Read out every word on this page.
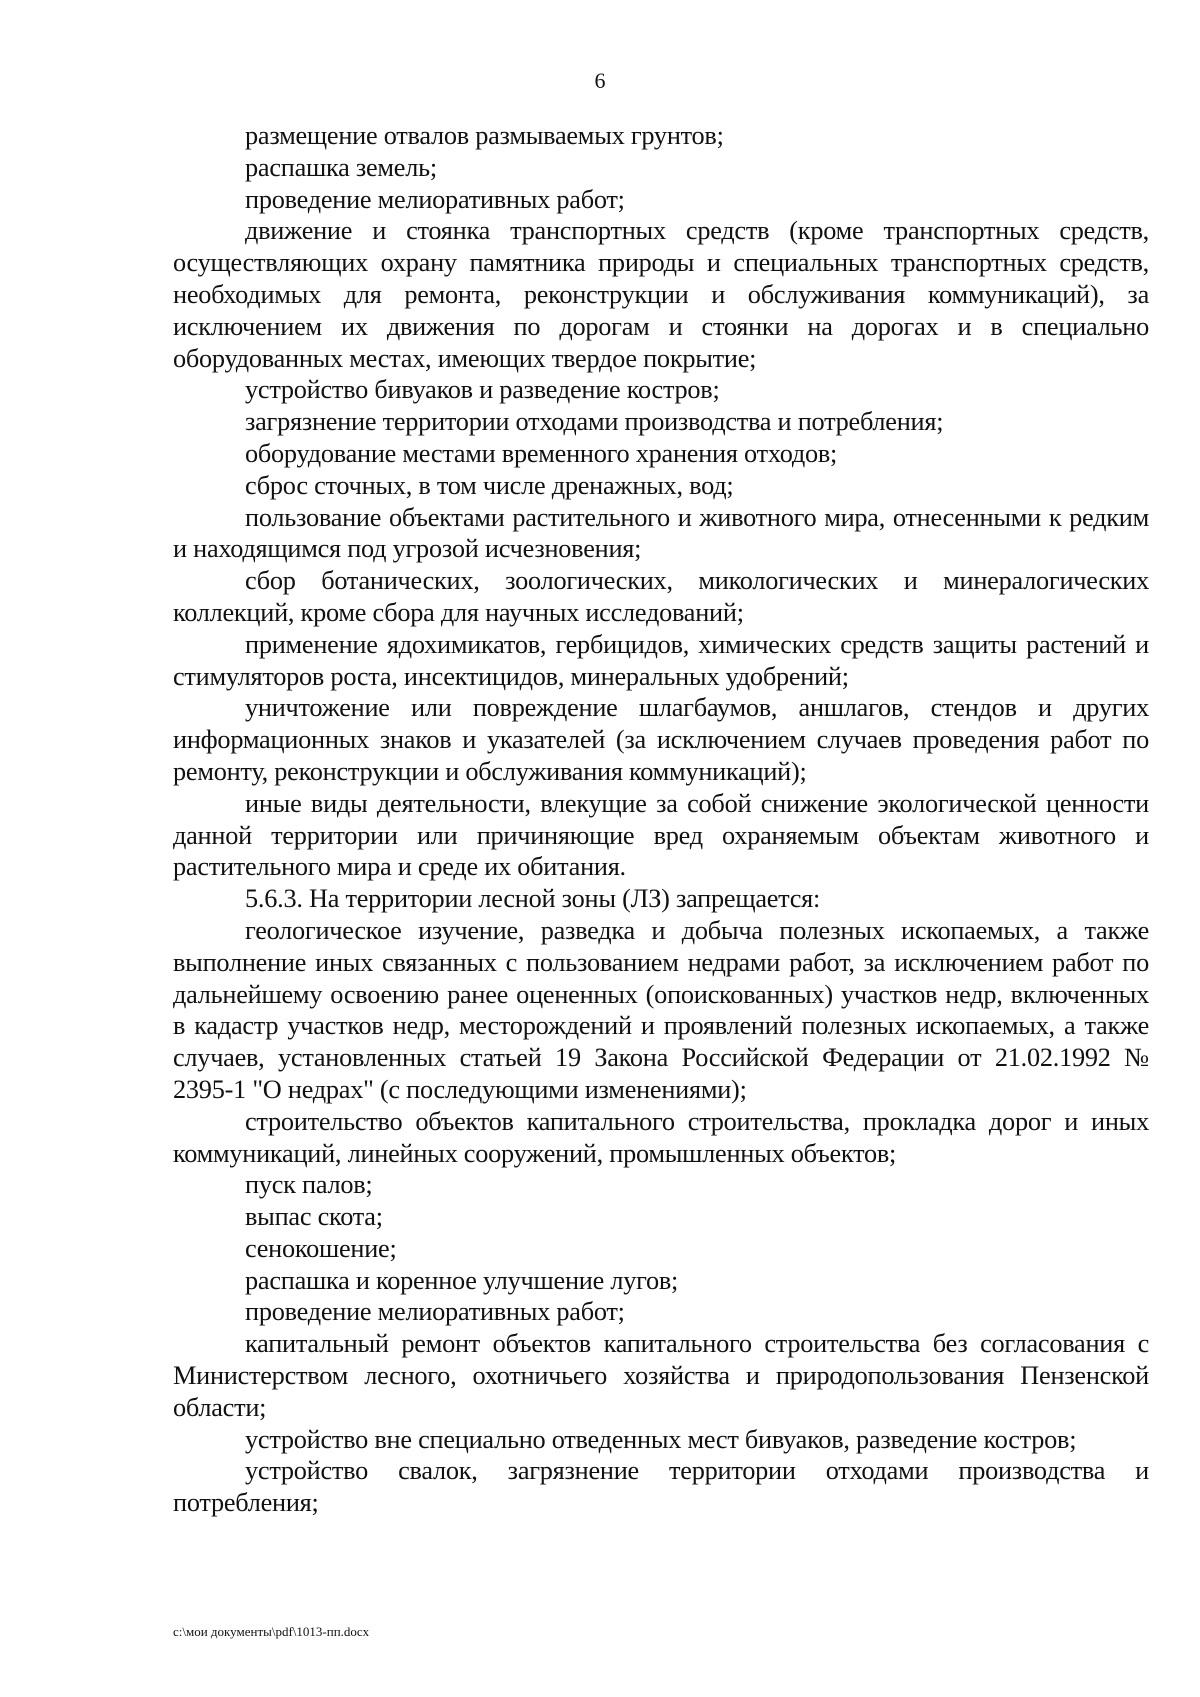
6

размещение отвалов размываемых грунтов;

распашка земель;

проведение мелиоративных работ;

движение и стоянка транспортных средств (кроме транспортных средств, осуществляющих охрану памятника природы и специальных транспортных средств, необходимых для ремонта, реконструкции и обслуживания коммуникаций), за исключением их движения по дорогам и стоянки на дорогах и в специально оборудованных местах, имеющих твердое покрытие;

устройство бивуаков и разведение костров;

загрязнение территории отходами производства и потребления;

оборудование местами временного хранения отходов;

сброс сточных, в том числе дренажных, вод;

пользование объектами растительного и животного мира, отнесенными к редким и находящимся под угрозой исчезновения;

сбор ботанических, зоологических, микологических и минералогических коллекций, кроме сбора для научных исследований;

применение ядохимикатов, гербицидов, химических средств защиты растений и стимуляторов роста, инсектицидов, минеральных удобрений;

уничтожение или повреждение шлагбаумов, аншлагов, стендов и других информационных знаков и указателей (за исключением случаев проведения работ по ремонту, реконструкции и обслуживания коммуникаций);

иные виды деятельности, влекущие за собой снижение экологической ценности данной территории или причиняющие вред охраняемым объектам животного и растительного мира и среде их обитания.

5.6.3. На территории лесной зоны (ЛЗ) запрещается:

геологическое изучение, разведка и добыча полезных ископаемых, а также выполнение иных связанных с пользованием недрами работ, за исключением работ по дальнейшему освоению ранее оцененных (опоискованных) участков недр, включенных в кадастр участков недр, месторождений и проявлений полезных ископаемых, а также случаев, установленных статьей 19 Закона Российской Федерации от 21.02.1992 № 2395-1 "О недрах" (с последующими изменениями);

строительство объектов капитального строительства, прокладка дорог и иных коммуникаций, линейных сооружений, промышленных объектов;

пуск палов;

выпас скота;

сенокошение;

распашка и коренное улучшение лугов;

проведение мелиоративных работ;

капитальный ремонт объектов капитального строительства без согласования с Министерством лесного, охотничьего хозяйства и природопользования Пензенской области;

устройство вне специально отведенных мест бивуаков, разведение костров;

устройство свалок, загрязнение территории отходами производства и потребления;

c:\мои документы\pdf\1013-пп.docx
